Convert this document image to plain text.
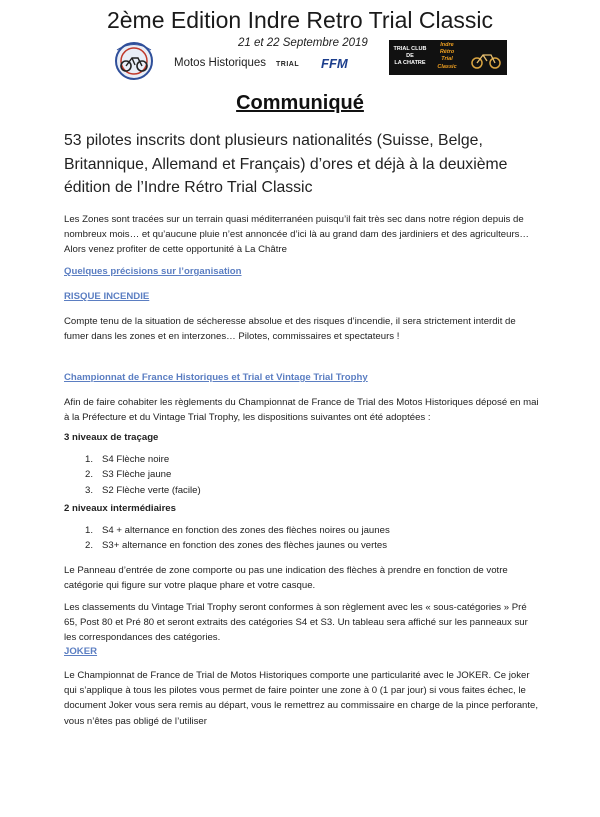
2ème Edition Indre Retro Trial Classic
21 et 22 Septembre 2019
Motos Historiques TRIAL FFM
TRIAL CLUB
DE
LA CHATRE
Indre
Rétro
Trial
Classic
Communiqué

53 pilotes inscrits dont plusieurs nationalités (Suisse, Belge, Britannique, Allemand et Français) d’ores et déjà à la deuxième édition de l’Indre Rétro Trial Classic

Les Zones sont tracées sur un terrain quasi méditerranéen puisqu’il fait très sec dans notre région depuis de nombreux mois… et qu’aucune pluie n’est annoncée d’ici là au grand dam des jardiniers et des agriculteurs… Alors venez profiter de cette opportunité à La Châtre

Quelques précisions sur l’organisation

RISQUE INCENDIE

Compte tenu de la situation de sécheresse absolue et des risques d’incendie, il sera strictement interdit de fumer dans les zones et en interzones… Pilotes, commissaires et spectateurs !

Championnat de France Historiques et Trial et Vintage Trial Trophy

Afin de faire cohabiter les règlements du Championnat de France de Trial des Motos Historiques déposé en mai à la Préfecture et du Vintage Trial Trophy, les dispositions suivantes ont été adoptées :

3 niveaux de traçage

1. S4 Flèche noire
2. S3 Flèche jaune
3. S2 Flèche verte (facile)

2 niveaux intermédiaires

1. S4 + alternance en fonction des zones des flèches noires ou jaunes
2. S3+ alternance en fonction des zones des flèches jaunes ou vertes

Le Panneau d’entrée de zone comporte ou pas une indication des flèches à prendre en fonction de votre catégorie qui figure sur votre plaque phare et votre casque.

Les classements du Vintage Trial Trophy seront conformes à son règlement avec les « sous-catégories » Pré 65, Post 80 et Pré 80 et seront extraits des catégories S4 et S3. Un tableau sera affiché sur les panneaux sur les correspondances des catégories.

JOKER

Le Championnat de France de Trial de Motos Historiques comporte une particularité avec le JOKER. Ce joker qui s’applique à tous les pilotes vous permet de faire pointer une zone à 0 (1 par jour) si vous faites échec, le document Joker vous sera remis au départ, vous le remettrez au commissaire en charge de la pince perforante, vous n’êtes pas obligé de l’utiliser
